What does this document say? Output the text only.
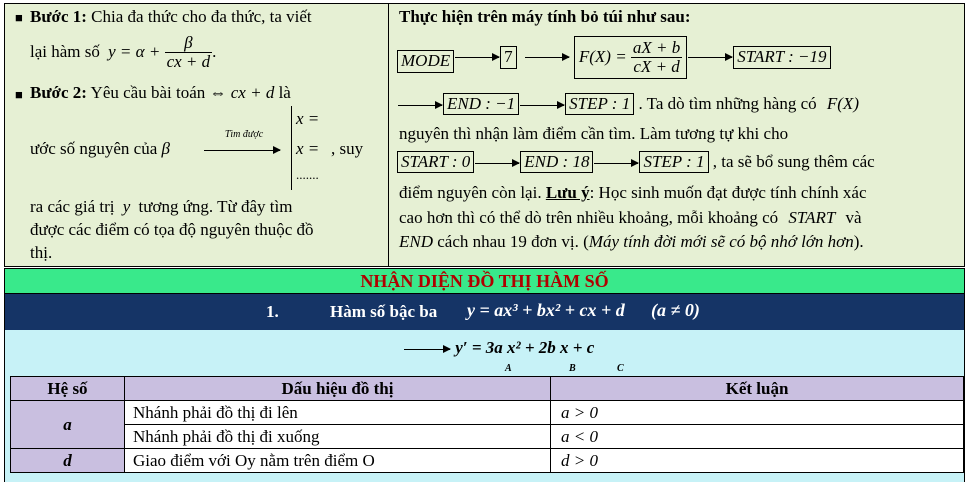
■ Bước 1: Chia đa thức cho đa thức, ta viết
lại hàm số $y = \alpha + \frac{\beta}{cx + d}$ .
■ Bước 2: Yêu cầu bài toán ⇔ cx + d là
ước số nguyên của β
Tìm được
x =
x =
.......
, suy
ra các giá trị y tương ứng. Từ đây tìm
được các điểm có tọa độ nguyên thuộc đồ
thị.
Thực hiện trên máy tính bỏ túi như sau:
MODE	7	$F(X) = \frac{aX + b}{cX + d}$	START : −19
END : −1	STEP : 1 . Ta dò tìm những hàng có F(X)
nguyên thì nhận làm điểm cần tìm. Làm tương tự khi cho
START : 0	END : 18	STEP : 1 , ta sẽ bổ sung thêm các
điểm nguyên còn lại. Lưu ý: Học sinh muốn đạt được tính chính xác
cao hơn thì có thể dò trên nhiều khoảng, mỗi khoảng có START và
END cách nhau 19 đơn vị. (Máy tính đời mới sẽ có bộ nhớ lớn hơn).
NHẬN DIỆN ĐỒ THỊ HÀM SỐ
1.	Hàm số bậc ba y = ax³ + bx² + cx + d (a ≠ 0)
y′ = 3a x² + 2b x + c
A	B	C
Hệ số	Dấu hiệu đồ thị	Kết luận
a	Nhánh phải đồ thị đi lên	a > 0
	Nhánh phải đồ thị đi xuống	a < 0
d	Giao điểm với Oy nằm trên điểm O	d > 0
